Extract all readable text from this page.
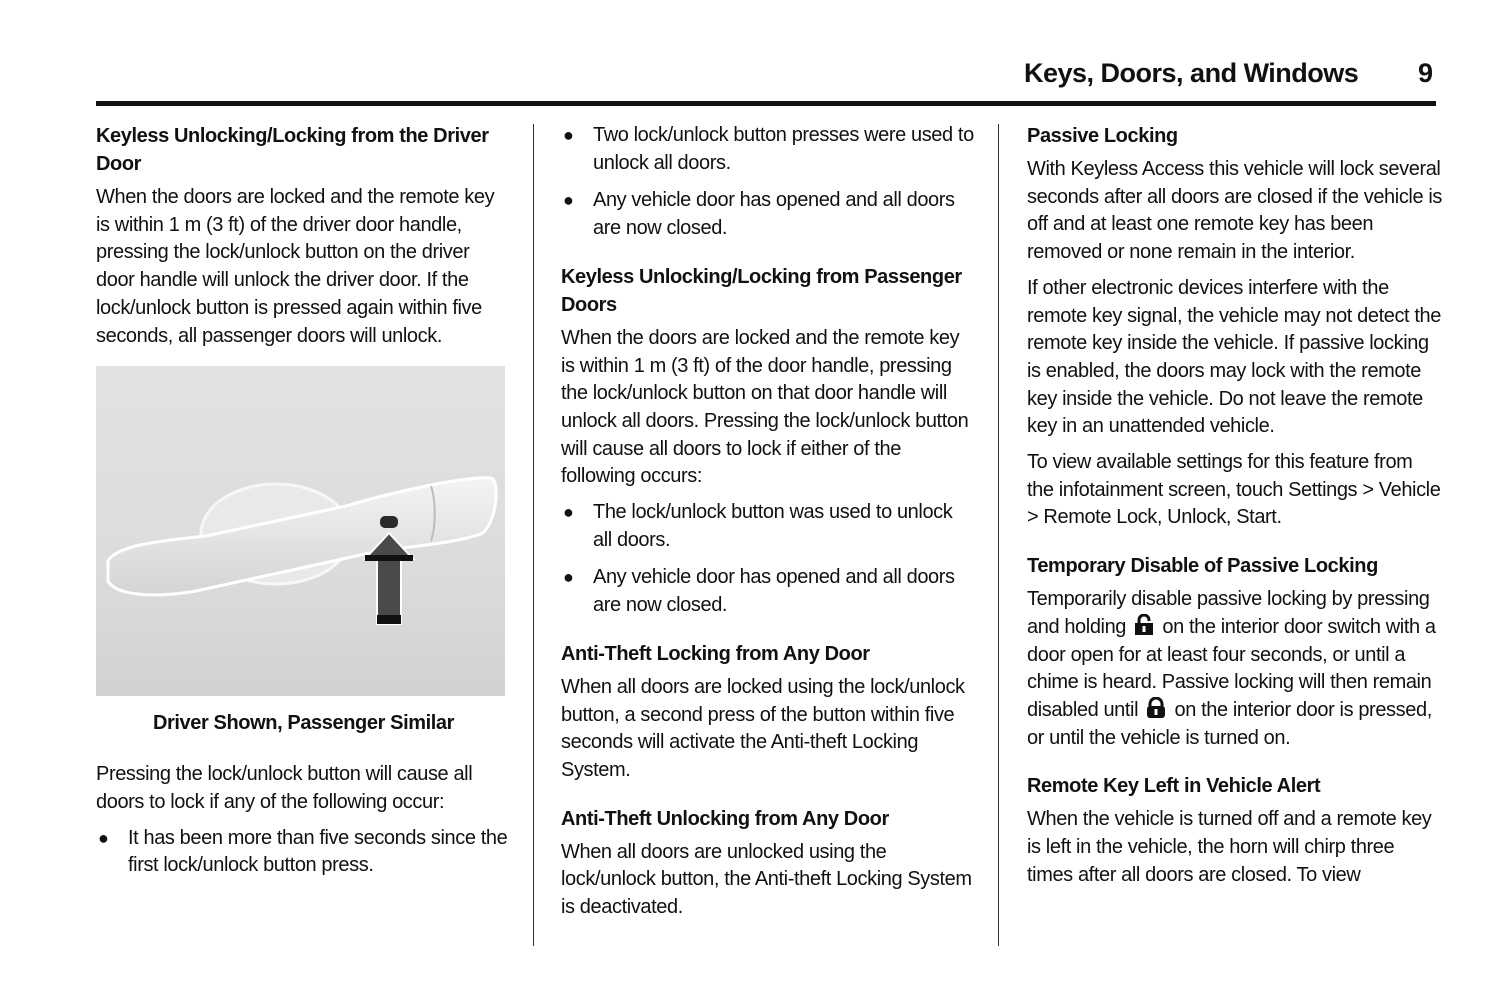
Keys, Doors, and Windows 9
Keyless Unlocking/Locking from the Driver Door

When the doors are locked and the remote key is within 1 m (3 ft) of the driver door handle, pressing the lock/unlock button on the driver door handle will unlock the driver door. If the lock/unlock button is pressed again within five seconds, all passenger doors will unlock.

Driver Shown, Passenger Similar

Pressing the lock/unlock button will cause all doors to lock if any of the following occur:

● It has been more than five seconds since the first lock/unlock button press.
● Two lock/unlock button presses were used to unlock all doors.
● Any vehicle door has opened and all doors are now closed.
Keyless Unlocking/Locking from Passenger Doors

When the doors are locked and the remote key is within 1 m (3 ft) of the door handle, pressing the lock/unlock button on that door handle will unlock all doors. Pressing the lock/unlock button will cause all doors to lock if either of the following occurs:

● The lock/unlock button was used to unlock all doors.
● Any vehicle door has opened and all doors are now closed.
Anti-Theft Locking from Any Door

When all doors are locked using the lock/unlock button, a second press of the button within five seconds will activate the Anti-theft Locking System.

Anti-Theft Unlocking from Any Door

When all doors are unlocked using the lock/unlock button, the Anti-theft Locking System is deactivated.

Passive Locking

With Keyless Access this vehicle will lock several seconds after all doors are closed if the vehicle is off and at least one remote key has been removed or none remain in the interior.

If other electronic devices interfere with the remote key signal, the vehicle may not detect the remote key inside the vehicle. If passive locking is enabled, the doors may lock with the remote key inside the vehicle. Do not leave the remote key in an unattended vehicle.

To view available settings for this feature from the infotainment screen, touch Settings > Vehicle > Remote Lock, Unlock, Start.

Temporary Disable of Passive Locking

Temporarily disable passive locking by pressing and holding on the interior door switch with a door open for at least four seconds, or until a chime is heard. Passive locking will then remain disabled until on the interior door is pressed, or until the vehicle is turned on.

Remote Key Left in Vehicle Alert

When the vehicle is turned off and a remote key is left in the vehicle, the horn will chirp three times after all doors are closed. To view
